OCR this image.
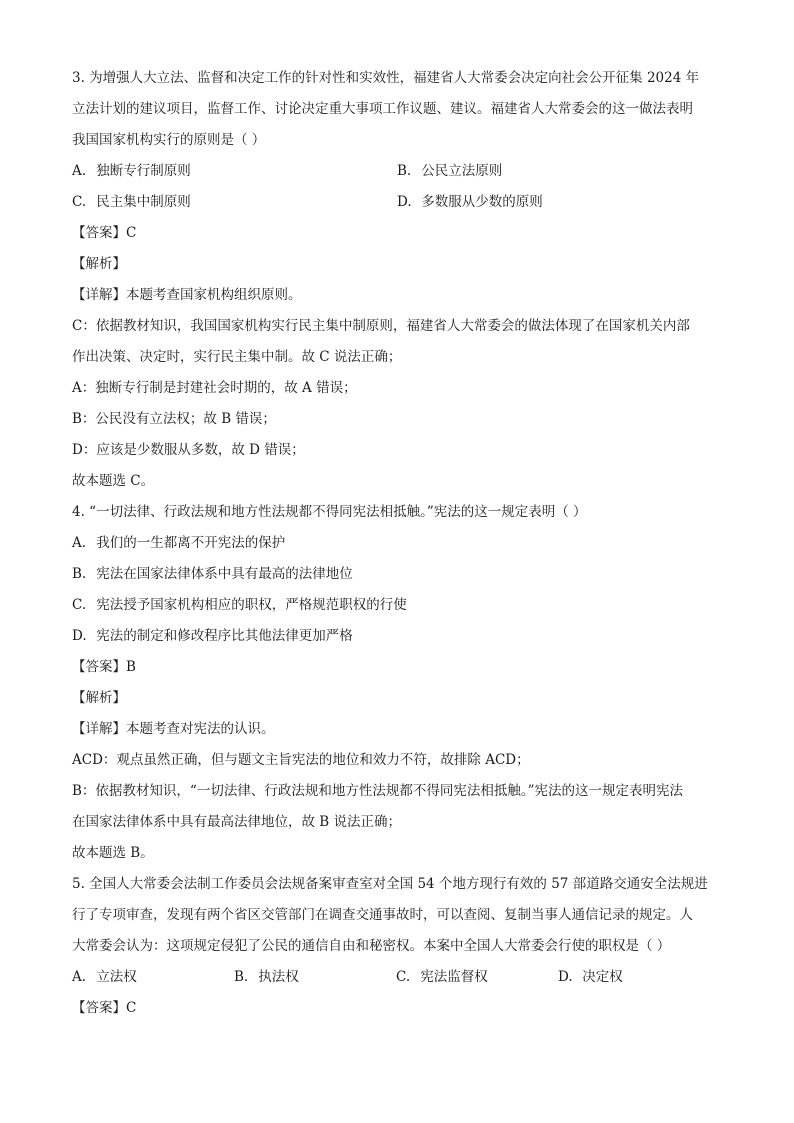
3. 为增强人大立法、监督和决定工作的针对性和实效性，福建省人大常委会决定向社会公开征集 2024 年
立法计划的建议项目，监督工作、讨论决定重大事项工作议题、建议。福建省人大常委会的这一做法表明
我国国家机构实行的原则是（ ）
A. 独断专行制原则	B. 公民立法原则
C. 民主集中制原则	D. 多数服从少数的原则
【答案】C
【解析】
【详解】本题考查国家机构组织原则。
C：依据教材知识，我国国家机构实行民主集中制原则，福建省人大常委会的做法体现了在国家机关内部
作出决策、决定时，实行民主集中制。故 C 说法正确；
A：独断专行制是封建社会时期的，故 A 错误；
B：公民没有立法权；故 B 错误；
D：应该是少数服从多数，故 D 错误；
故本题选 C。
4. “一切法律、行政法规和地方性法规都不得同宪法相抵触。”宪法的这一规定表明（ ）
A. 我们的一生都离不开宪法的保护
B. 宪法在国家法律体系中具有最高的法律地位
C. 宪法授予国家机构相应的职权，严格规范职权的行使
D. 宪法的制定和修改程序比其他法律更加严格
【答案】B
【解析】
【详解】本题考查对宪法的认识。
ACD：观点虽然正确，但与题文主旨宪法的地位和效力不符，故排除 ACD；
B：依据教材知识，“一切法律、行政法规和地方性法规都不得同宪法相抵触。”宪法的这一规定表明宪法
在国家法律体系中具有最高法律地位，故 B 说法正确；
故本题选 B。
5. 全国人大常委会法制工作委员会法规备案审查室对全国 54 个地方现行有效的 57 部道路交通安全法规进
行了专项审查，发现有两个省区交管部门在调查交通事故时，可以查阅、复制当事人通信记录的规定。人
大常委会认为：这项规定侵犯了公民的通信自由和秘密权。本案中全国人大常委会行使的职权是（ ）
A. 立法权	B. 执法权	C. 宪法监督权	D. 决定权
【答案】C
